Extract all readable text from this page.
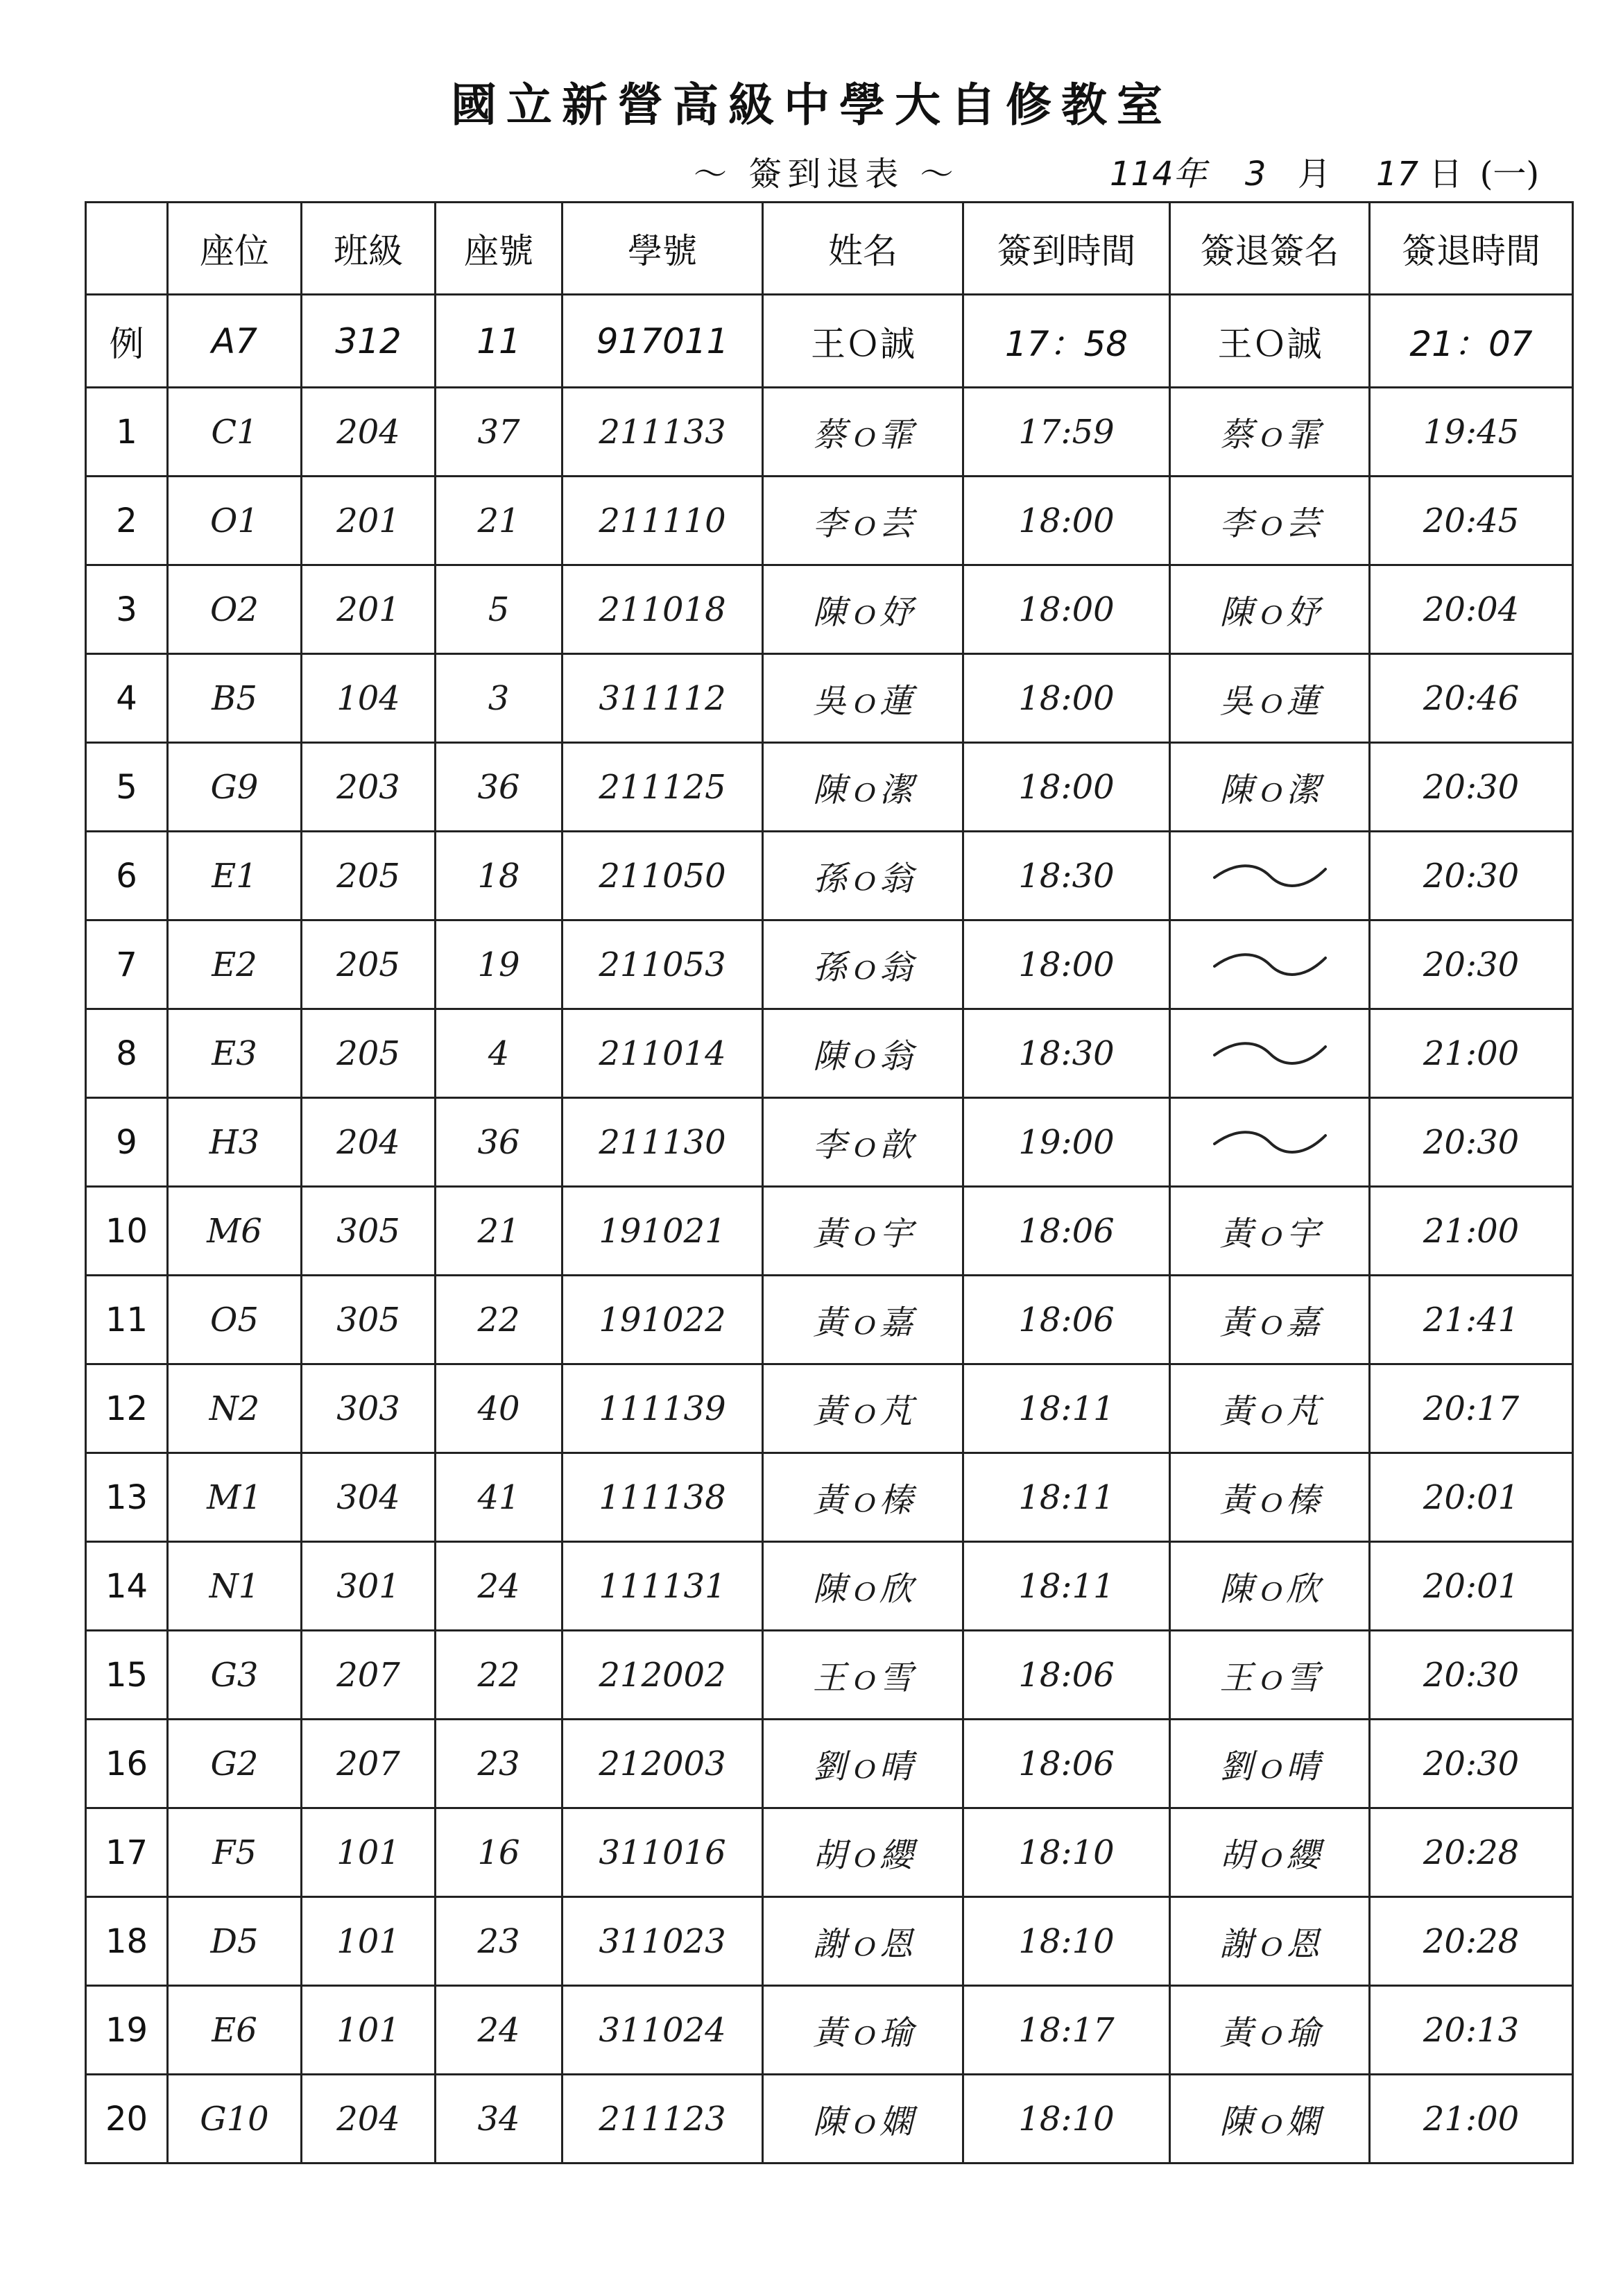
國立新營高級中學大自修教室
～ 簽到退表 ～	114年 3 月 17 日 (一)
	座位	班級	座號	學號	姓名	簽到時間	簽退簽名	簽退時間
例	A7	312	11	917011	王Ｏ誠	17：58	王Ｏ誠	21：07
1	C1	204	37	211133	蔡ｏ霏	17:59	蔡ｏ霏	19:45
2	O1	201	21	211110	李ｏ芸	18:00	李ｏ芸	20:45
3	O2	201	5	211018	陳ｏ妤	18:00	陳ｏ妤	20:04
4	B5	104	3	311112	吳ｏ蓮	18:00	吳ｏ蓮	20:46
5	G9	203	36	211125	陳ｏ潔	18:00	陳ｏ潔	20:30
6	E1	205	18	211050	孫ｏ翁	18:30		20:30
7	E2	205	19	211053	孫ｏ翁	18:00		20:30
8	E3	205	4	211014	陳ｏ翁	18:30		21:00
9	H3	204	36	211130	李ｏ歆	19:00		20:30
10	M6	305	21	191021	黃ｏ宇	18:06	黃ｏ宇	21:00
11	O5	305	22	191022	黃ｏ嘉	18:06	黃ｏ嘉	21:41
12	N2	303	40	111139	黃ｏ芃	18:11	黃ｏ芃	20:17
13	M1	304	41	111138	黃ｏ榛	18:11	黃ｏ榛	20:01
14	N1	301	24	111131	陳ｏ欣	18:11	陳ｏ欣	20:01
15	G3	207	22	212002	王ｏ雪	18:06	王ｏ雪	20:30
16	G2	207	23	212003	劉ｏ晴	18:06	劉ｏ晴	20:30
17	F5	101	16	311016	胡ｏ纓	18:10	胡ｏ纓	20:28
18	D5	101	23	311023	謝ｏ恩	18:10	謝ｏ恩	20:28
19	E6	101	24	311024	黃ｏ瑜	18:17	黃ｏ瑜	20:13
20	G10	204	34	211123	陳ｏ嫻	18:10	陳ｏ嫻	21:00
